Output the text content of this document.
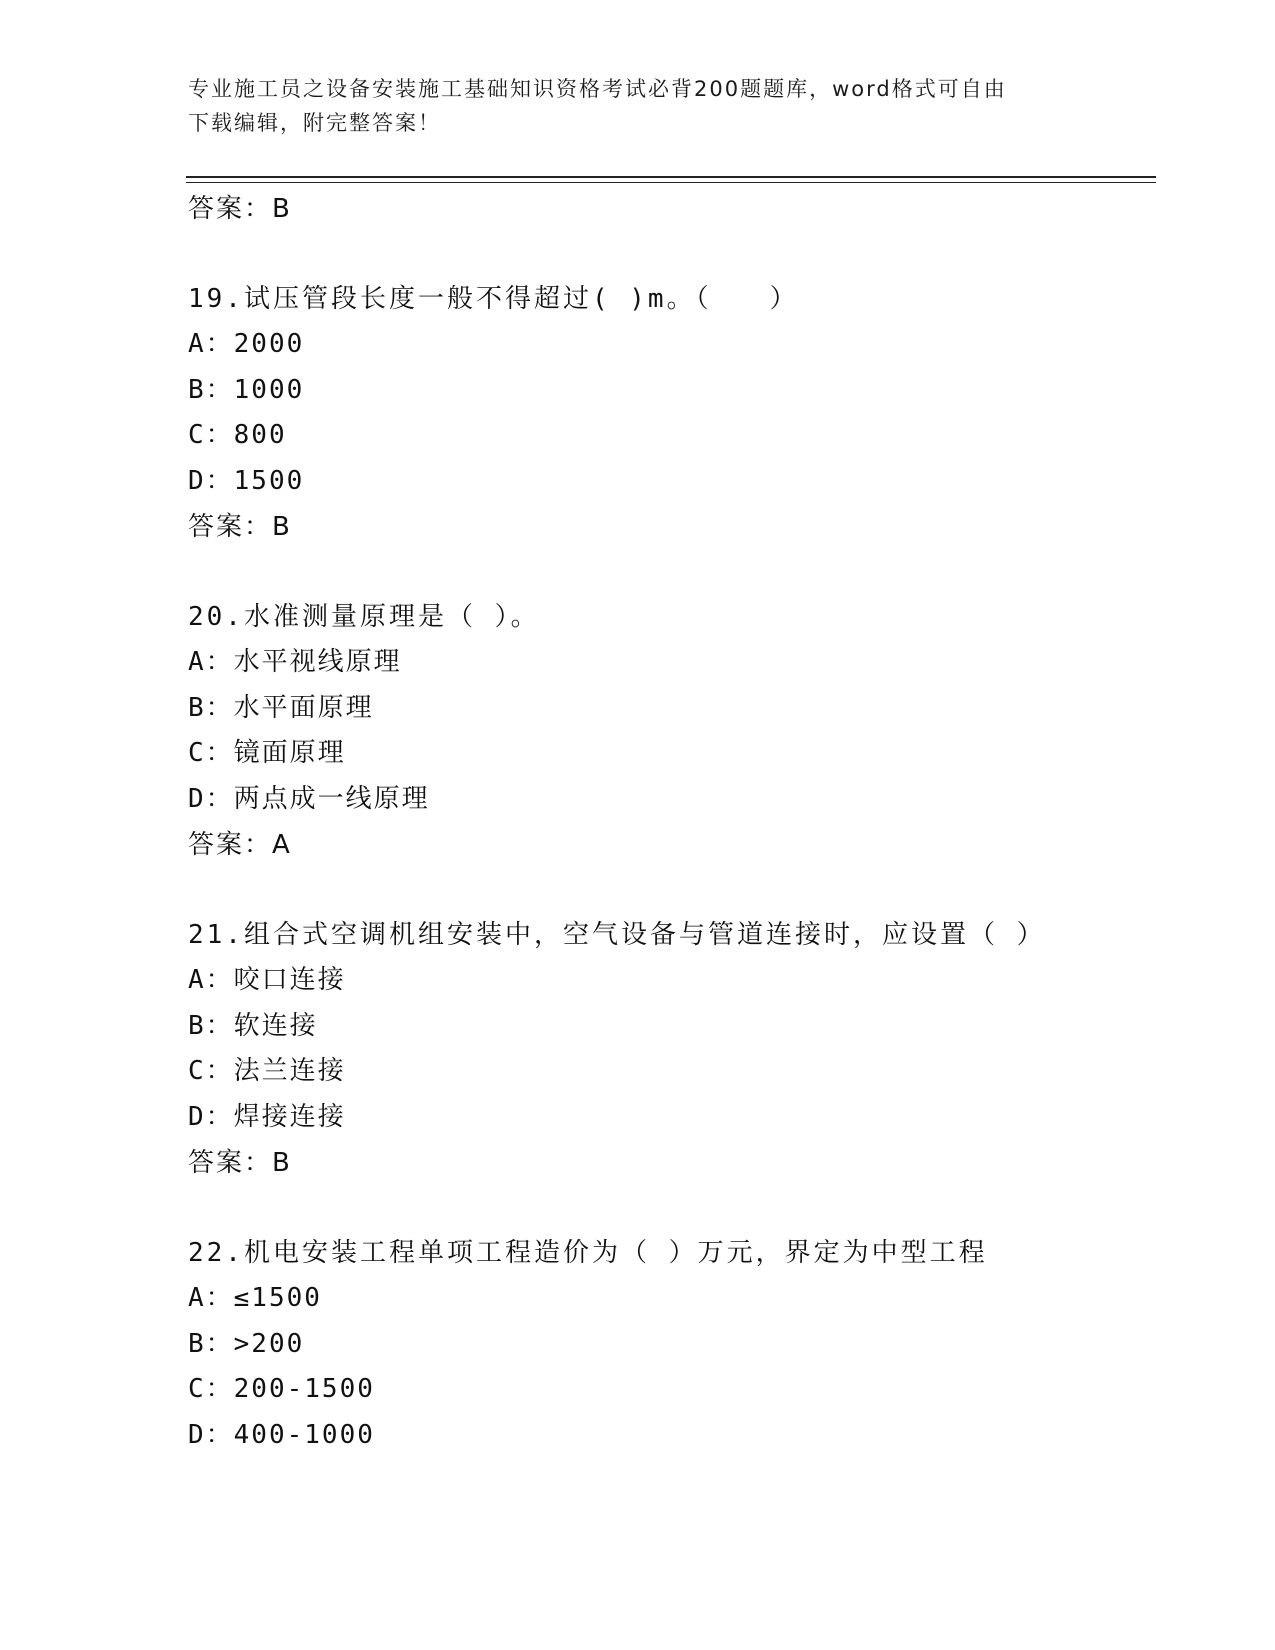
专业施工员之设备安装施工基础知识资格考试必背200题题库，word格式可自由
下载编辑，附完整答案！
答案：B
19.试压管段长度一般不得超过( )m。（　　）
A：2000
B：1000
C：800
D：1500
答案：B
20.水准测量原理是（ ）。
A：水平视线原理
B：水平面原理
C：镜面原理
D：两点成一线原理
答案：A
21.组合式空调机组安装中，空气设备与管道连接时，应设置（ ）
A：咬口连接
B：软连接
C：法兰连接
D：焊接连接
答案：B
22.机电安装工程单项工程造价为（ ）万元，界定为中型工程
A：≤1500
B：>200
C：200-1500
D：400-1000
